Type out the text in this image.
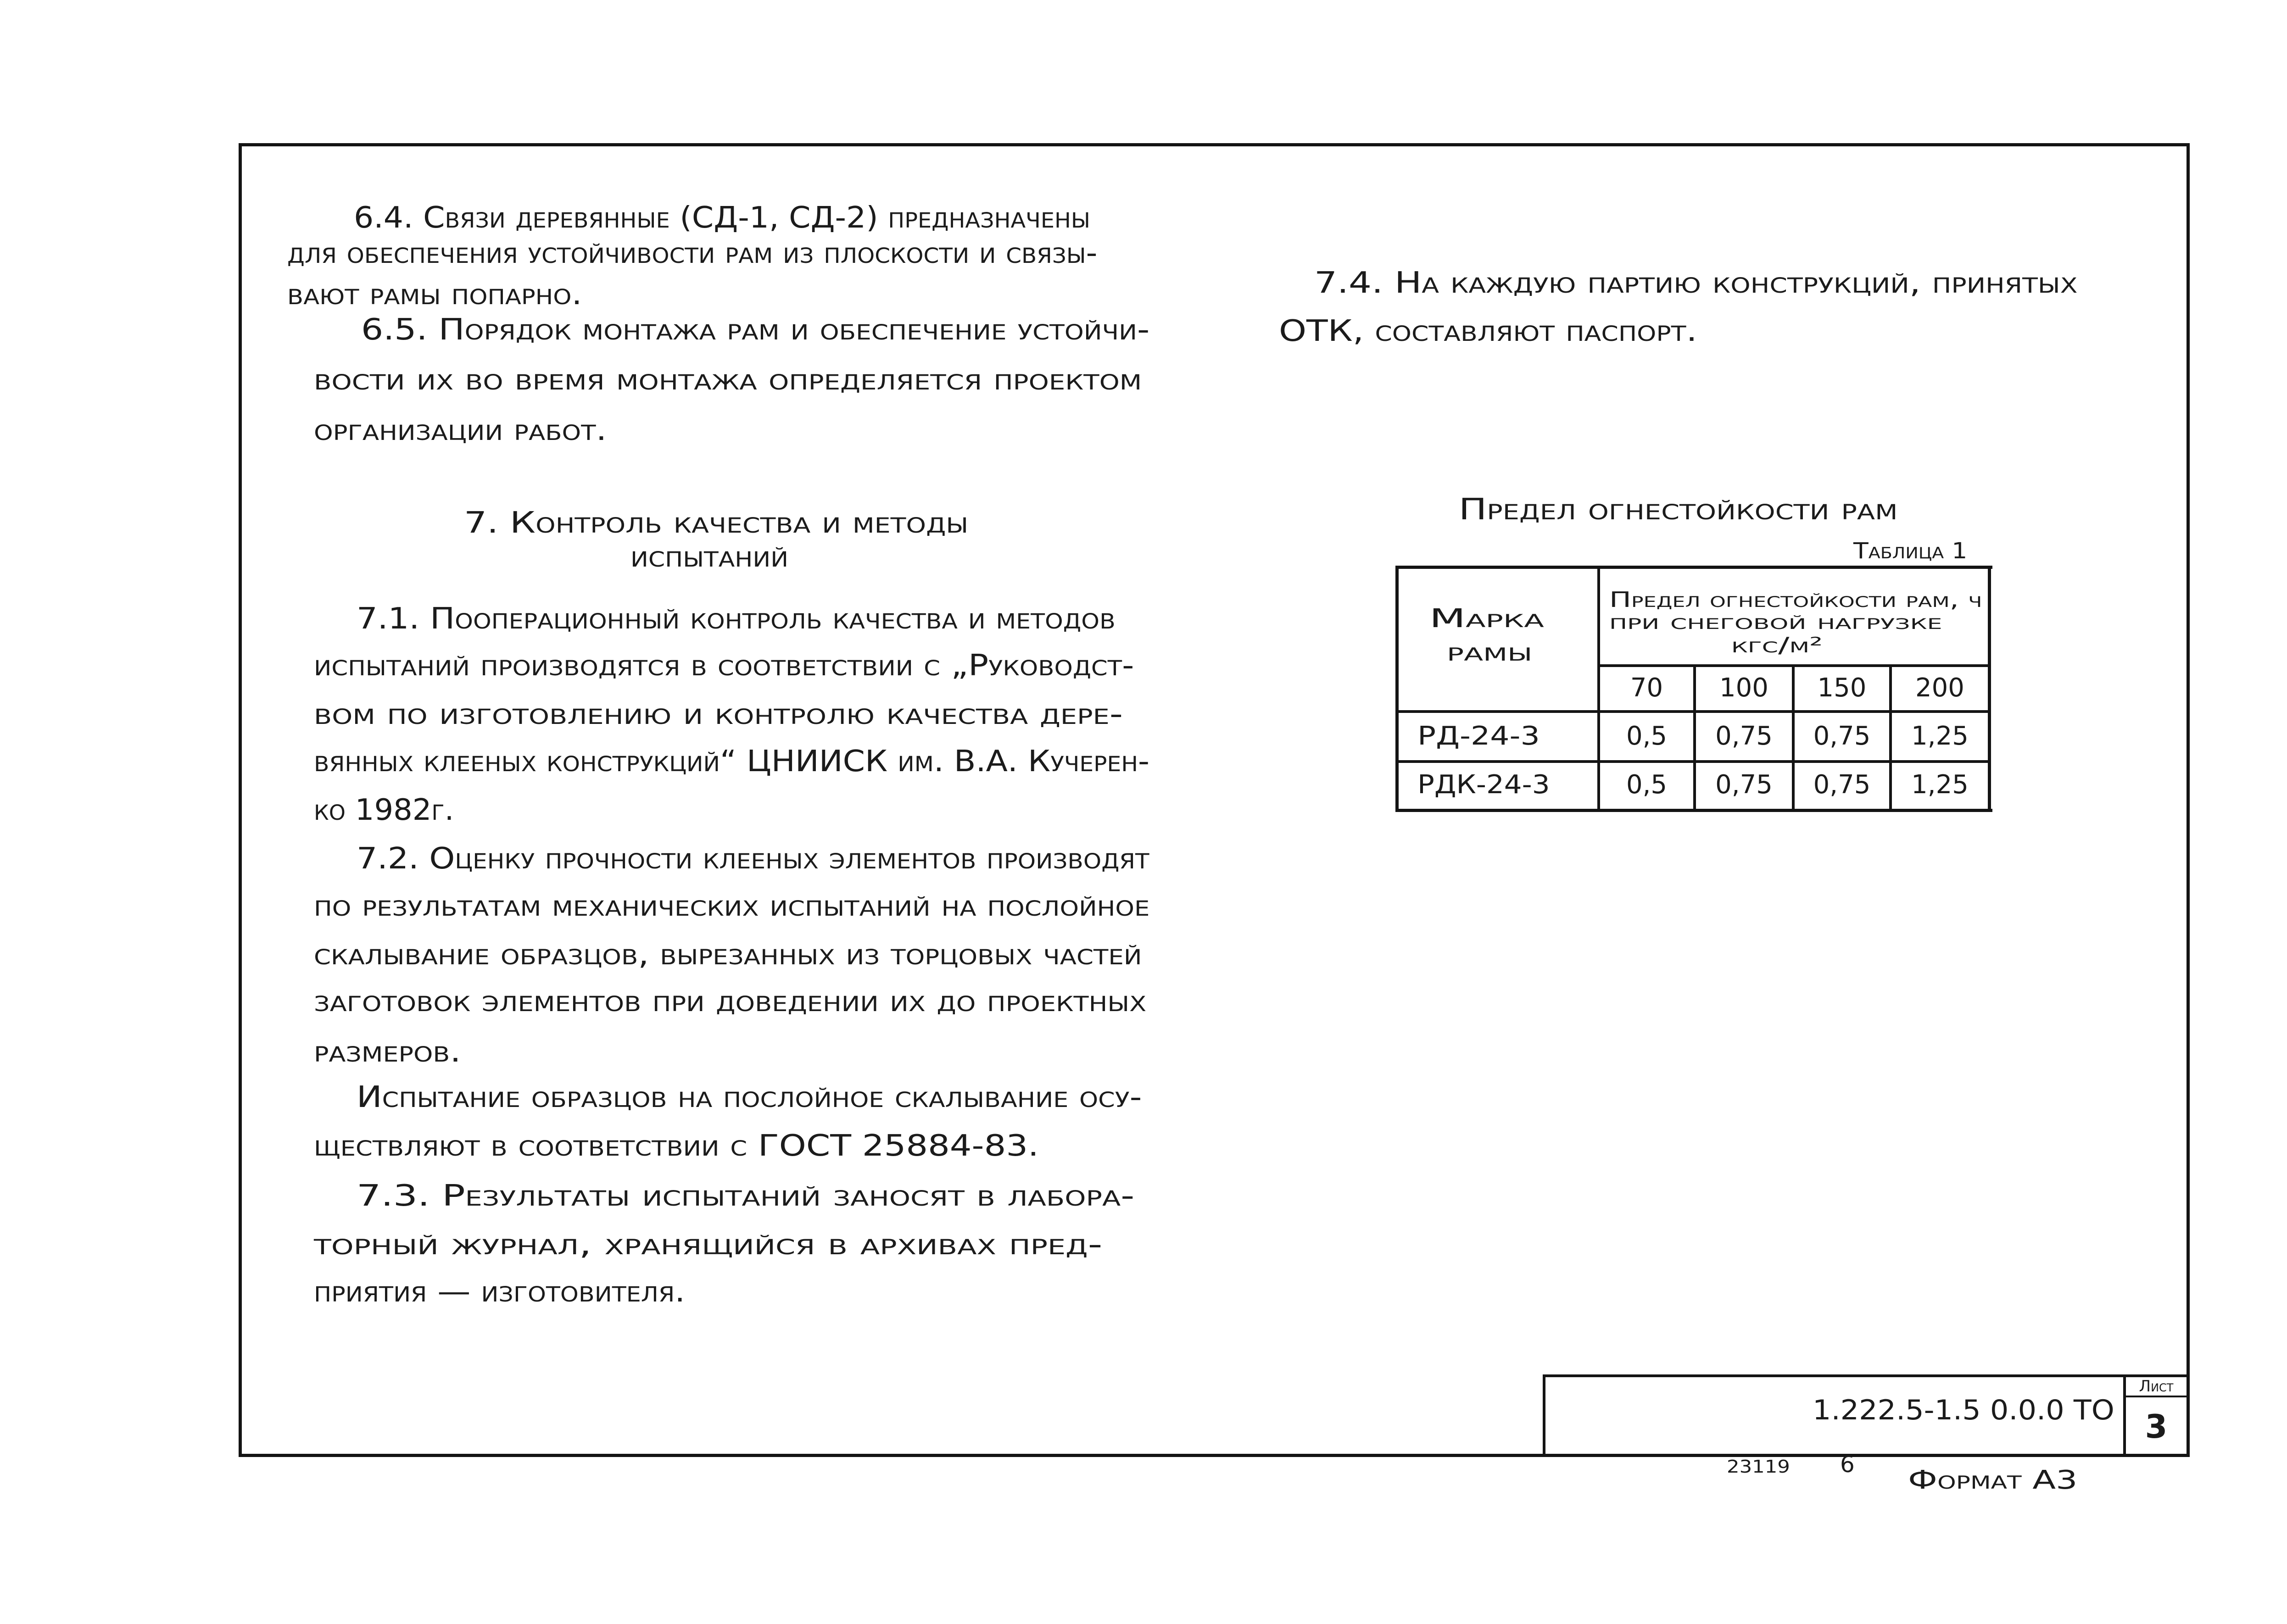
6.4. Связи деревянные (СД-1, СД-2) предназначены
для обеспечения устойчивости рам из плоскости и связы-
вают рамы попарно.
6.5. Порядок монтажа рам и обеспечение устойчи-
вости их во время монтажа определяется проектом
организации работ.
7. Контроль качества и методы
испытаний
7.1. Пооперационный контроль качества и методов
испытаний производятся в соответствии с „Руководст-
вом по изготовлению и контролю качества дере-
вянных клееных конструкций“ ЦНИИСК им. В.А. Кучерен-
ко 1982г.
7.2. Оценку прочности клееных элементов производят
по результатам механических испытаний на послойное
скалывание образцов, вырезанных из торцовых частей
заготовок элементов при доведении их до проектных
размеров.
Испытание образцов на послойное скалывание осу-
ществляют в соответствии с ГОСТ 25884-83.
7.3. Результаты испытаний заносят в лабора-
торный журнал, хранящийся в архивах пред-
приятия — изготовителя.
7.4. На каждую партию конструкций, принятых
ОТК, составляют паспорт.
Предел огнестойкости рам
Таблица 1
Марка
рамы
Предел огнестойкости рам, ч
при снеговой нагрузке
кгс/м²
70	100	150	200
РД-24-3	0,5	0,75	0,75	1,25
РДК-24-3	0,5	0,75	0,75	1,25
1.222.5-1.5 0.0.0 ТО
Лист
3
23119 6
Формат А3
